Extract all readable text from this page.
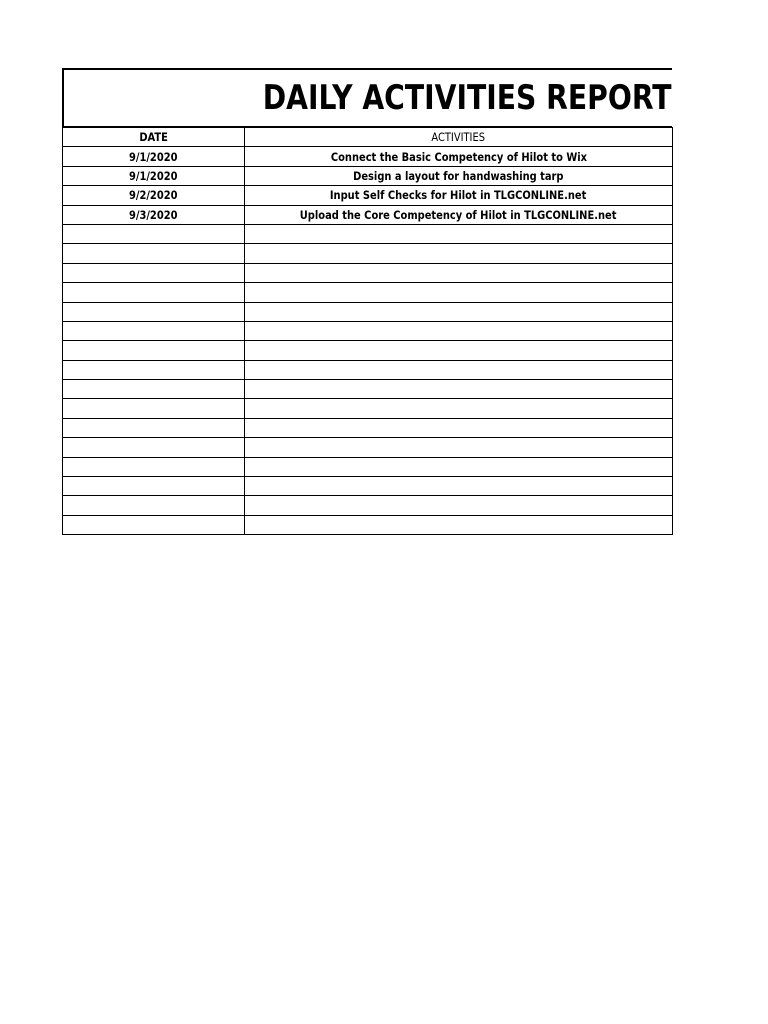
DAILY ACTIVITIES REPORT
DATE	ACTIVITIES
9/1/2020	Connect the Basic Competency of Hilot to Wix
9/1/2020	Design a layout for handwashing tarp
9/2/2020	Input Self Checks for Hilot in TLGCONLINE.net
9/3/2020	Upload the Core Competency of Hilot in TLGCONLINE.net
